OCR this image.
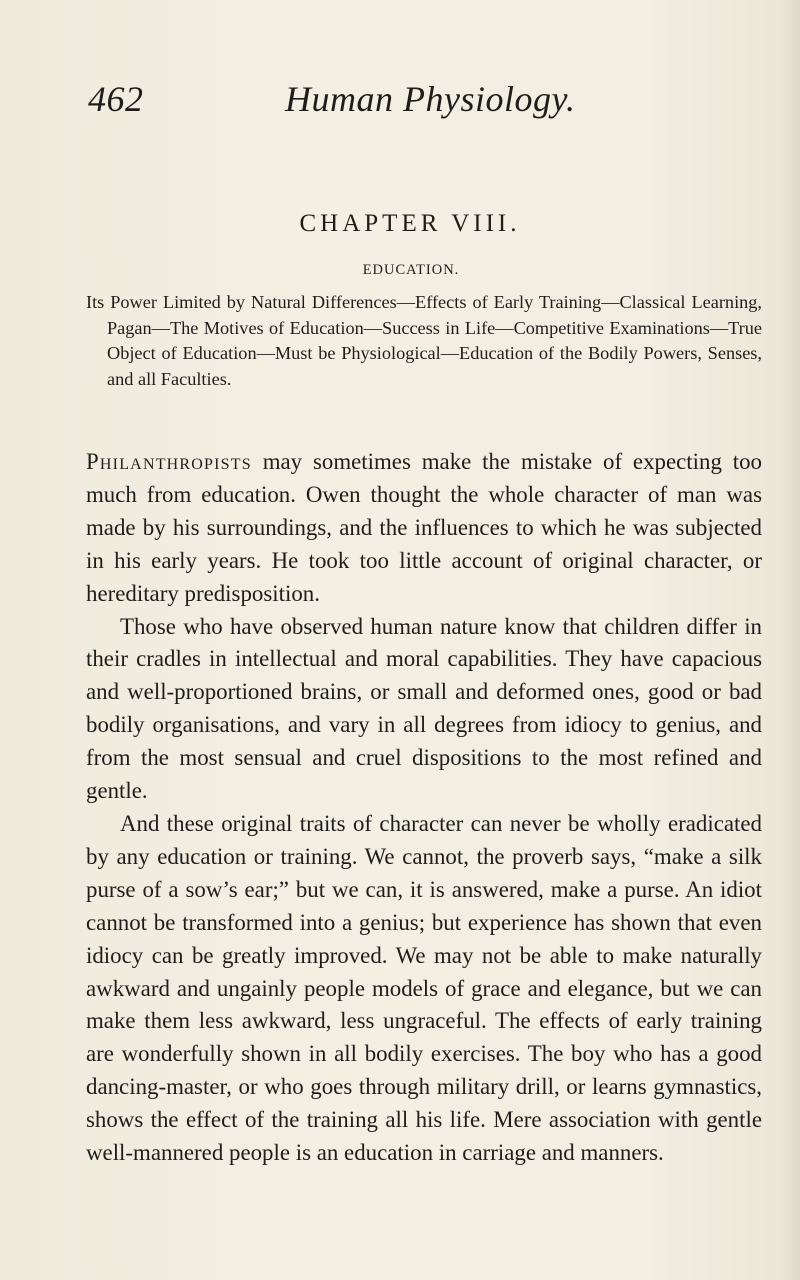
462	Human Physiology.
CHAPTER VIII.
EDUCATION.

Its Power Limited by Natural Differences—Effects of Early Training—Classical Learning, Pagan—The Motives of Education—Success in Life—Competitive Examinations—True Object of Education—Must be Physiological—Education of the Bodily Powers, Senses, and all Faculties.

Philanthropists may sometimes make the mistake of expecting too much from education. Owen thought the whole character of man was made by his surroundings, and the influences to which he was subjected in his early years. He took too little account of original character, or hereditary predisposition.

Those who have observed human nature know that children differ in their cradles in intellectual and moral capabilities. They have capacious and well-proportioned brains, or small and deformed ones, good or bad bodily organisations, and vary in all degrees from idiocy to genius, and from the most sensual and cruel dispositions to the most refined and gentle.

And these original traits of character can never be wholly eradicated by any education or training. We cannot, the proverb says, “make a silk purse of a sow’s ear;” but we can, it is answered, make a purse. An idiot cannot be transformed into a genius; but experience has shown that even idiocy can be greatly improved. We may not be able to make naturally awkward and ungainly people models of grace and elegance, but we can make them less awkward, less ungraceful. The effects of early training are wonderfully shown in all bodily exercises. The boy who has a good dancing-master, or who goes through military drill, or learns gymnastics, shows the effect of the training all his life. Mere association with gentle well-mannered people is an education in carriage and manners.
